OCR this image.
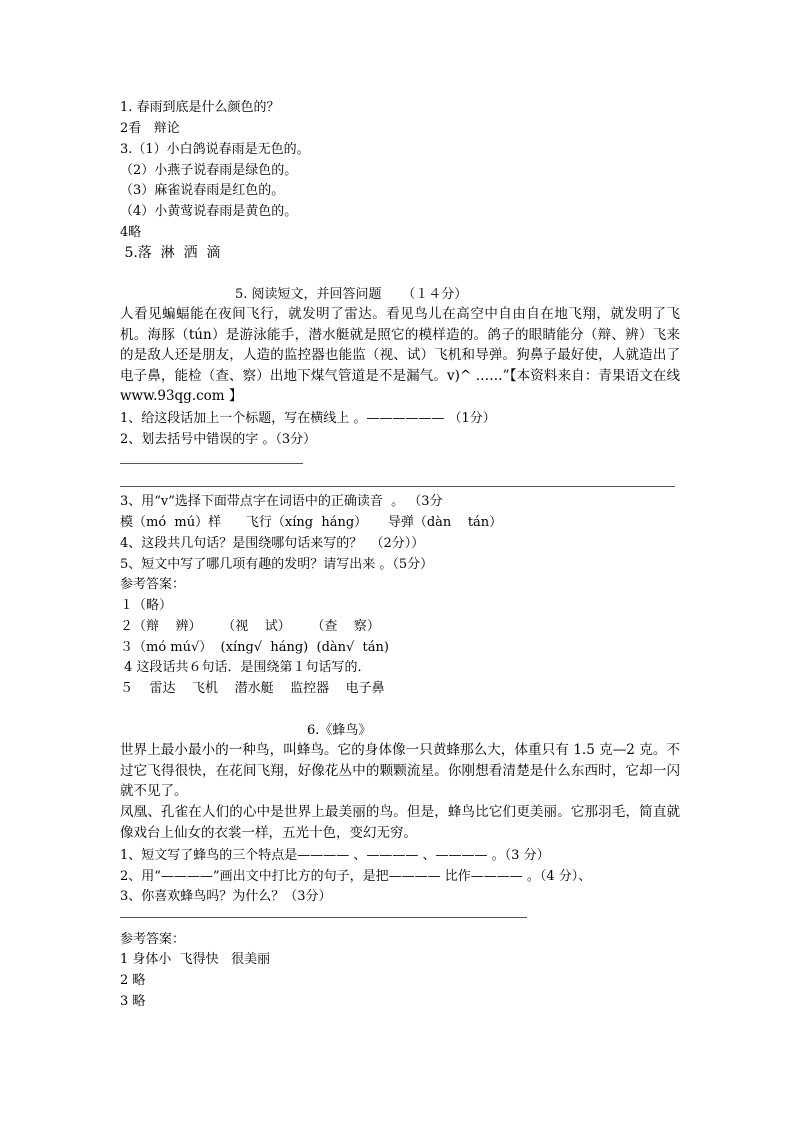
1. 春雨到底是什么颜色的？
2看   辩论
3.（1）小白鸽说春雨是无色的。
（2）小燕子说春雨是绿色的。
（3）麻雀说春雨是红色的。
（4）小黄莺说春雨是黄色的。
4略
5.落  淋  洒  滴
5. 阅读短文，并回答问题     （１４分）
人看见蝙蝠能在夜间飞行，就发明了雷达。看见鸟儿在高空中自由自在地飞翔，就发明了飞机。海豚（tún）是游泳能手，潜水艇就是照它的模样造的。鸽子的眼睛能分（辩、辨）飞来的是敌人还是朋友，人造的监控器也能监（视、试）飞机和导弹。狗鼻子最好使，人就造出了电子鼻，能检（查、察）出地下煤气管道是不是漏气。v)^ ……”【本资料来自：青果语文在线 www.93qg.com 】
1、给这段话加上一个标题，写在横线上 。—————— （1分）
2、划去括号中错误的字 。（3分）
3、用“v”选择下面带点字在词语中的正确读音  。 （3分
模（mó  mú）样      飞行（xíng  háng）     导弹（dàn    tán）
4、这段共几句话？是围绕哪句话来写的？  （2分））
5、短文中写了哪几项有趣的发明？请写出来 。（5分）
参考答案：
１（略）
２（辩    辨）     （视    试）     （查    察）
３（mó mú√）  (xíng√  háng)  (dàn√  tán)
4 这段话共６句话．是围绕第１句话写的．
５    雷达    飞机    潜水艇    监控器    电子鼻
6.《蜂鸟》
世界上最小最小的一种鸟，叫蜂鸟。它的身体像一只黄蜂那么大，体重只有 1.5 克—2 克。不过它飞得很快，在花间飞翔，好像花丛中的颗颗流星。你刚想看清楚是什么东西时，它却一闪就不见了。
凤凰、孔雀在人们的心中是世界上最美丽的鸟。但是，蜂鸟比它们更美丽。它那羽毛，简直就像戏台上仙女的衣裳一样，五光十色，变幻无穷。
1、短文写了蜂鸟的三个特点是———— 、———— 、———— 。（3 分）
2、用“————”画出文中打比方的句子，是把———— 比作———— 。（4 分）、
3、你喜欢蜂鸟吗？为什么？（3分）
参考答案：
1 身体小  飞得快   很美丽
2 略
3 略
